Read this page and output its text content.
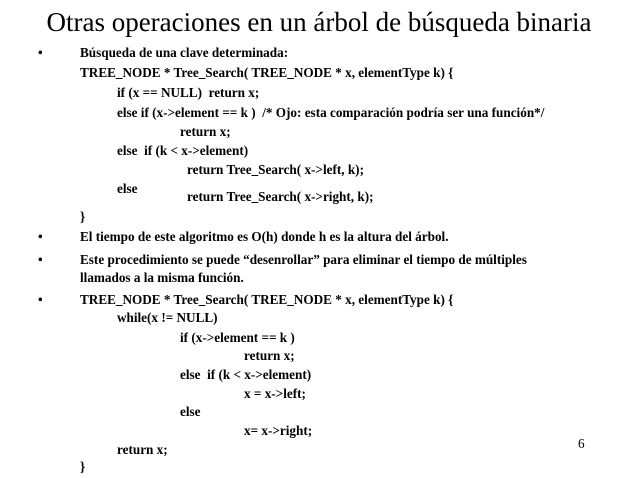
Otras operaciones en un árbol de búsqueda binaria
•
•
•
•
Búsqueda de una clave determinada:
TREE_NODE * Tree_Search( TREE_NODE * x, elementType k) {
if (x == NULL)  return x;
else if (x->element == k )  /* Ojo: esta comparación podría ser una función*/
return x;
else  if (k < x->element)
return Tree_Search( x->left, k);
else
return Tree_Search( x->right, k);
}
El tiempo de este algoritmo es O(h) donde h es la altura del árbol.
Este procedimiento se puede “desenrollar” para eliminar el tiempo de múltiples
llamados a la misma función.
TREE_NODE * Tree_Search( TREE_NODE * x, elementType k) {
while(x != NULL)
if (x->element == k )
return x;
else  if (k < x->element)
x = x->left;
else
x= x->right;
return x;
}
6
